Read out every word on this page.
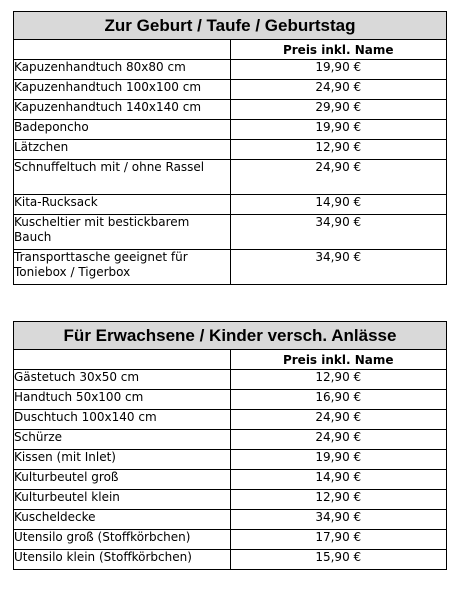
Zur Geburt / Taufe / Geburtstag	
	Preis inkl. Name
Kapuzenhandtuch 80x80 cm	19,90 €
Kapuzenhandtuch 100x100 cm	24,90 €
Kapuzenhandtuch 140x140 cm	29,90 €
Badeponcho	19,90 €
Lätzchen	12,90 €
Schnuffeltuch mit / ohne Rassel	24,90 €
Kita-Rucksack	14,90 €
Kuscheltier mit bestickbarem Bauch	34,90 €
Transporttasche geeignet für Toniebox / Tigerbox	34,90 €
Für Erwachsene / Kinder versch. Anlässe	
	Preis inkl. Name
Gästetuch 30x50 cm	12,90 €
Handtuch 50x100 cm	16,90 €
Duschtuch 100x140 cm	24,90 €
Schürze	24,90 €
Kissen (mit Inlet)	19,90 €
Kulturbeutel groß	14,90 €
Kulturbeutel klein	12,90 €
Kuscheldecke	34,90 €
Utensilo groß (Stoffkörbchen)	17,90 €
Utensilo klein (Stoffkörbchen)	15,90 €
